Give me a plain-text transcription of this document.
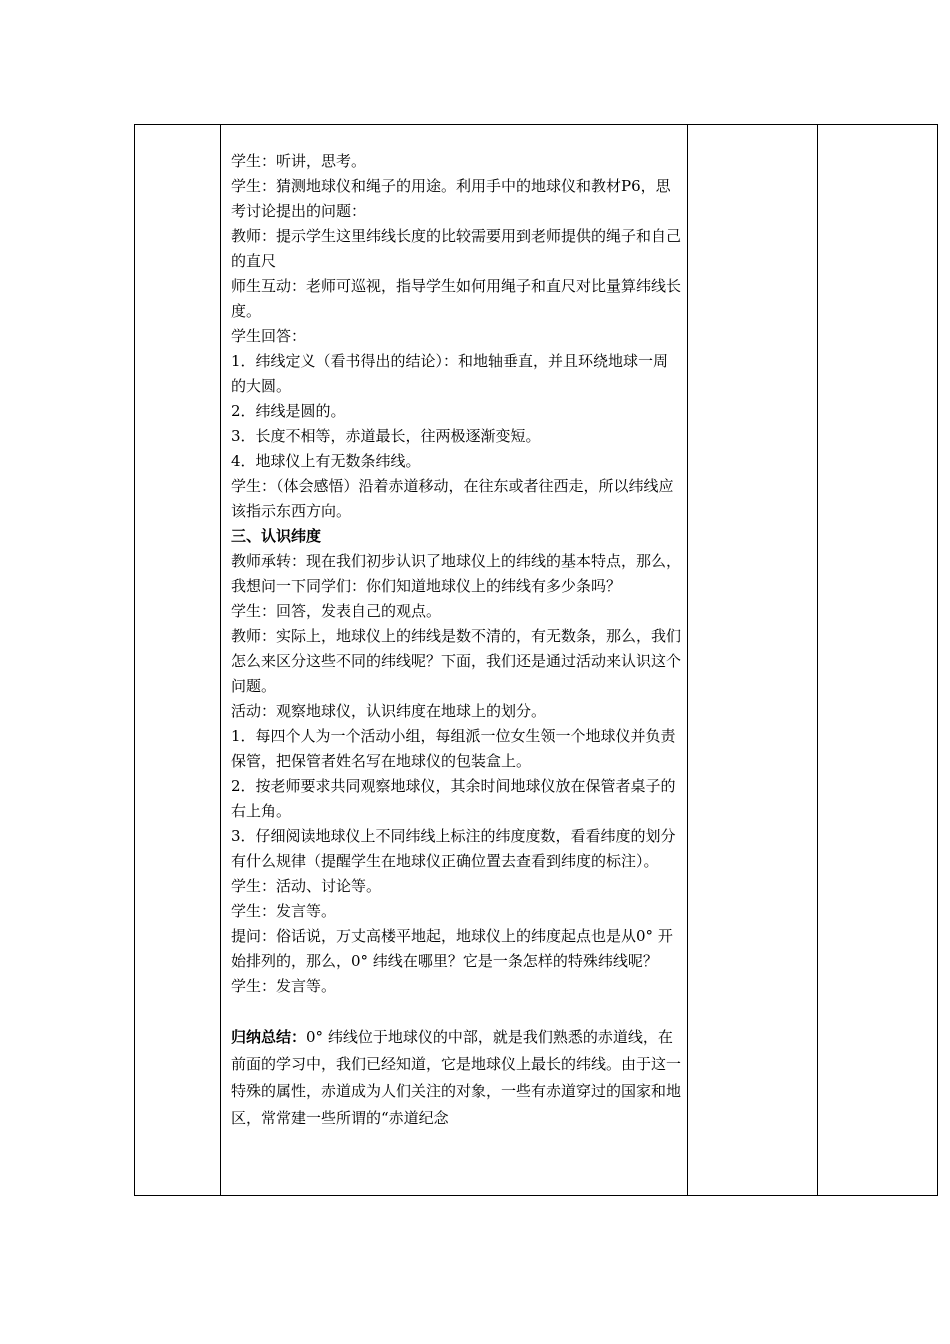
学生：听讲，思考。

学生：猜测地球仪和绳子的用途。利用手中的地球仪和教材P6，思考讨论提出的问题：

教师：提示学生这里纬线长度的比较需要用到老师提供的绳子和自己的直尺

师生互动：老师可巡视，指导学生如何用绳子和直尺对比量算纬线长度。

学生回答：

1．纬线定义（看书得出的结论）：和地轴垂直，并且环绕地球一周的大圆。

2．纬线是圆的。

3．长度不相等，赤道最长，往两极逐渐变短。

4．地球仪上有无数条纬线。

学生：（体会感悟）沿着赤道移动，在往东或者往西走，所以纬线应该指示东西方向。

三、认识纬度

教师承转：现在我们初步认识了地球仪上的纬线的基本特点，那么，我想问一下同学们：你们知道地球仪上的纬线有多少条吗？

学生：回答，发表自己的观点。

教师：实际上，地球仪上的纬线是数不清的，有无数条，那么，我们怎么来区分这些不同的纬线呢？下面，我们还是通过活动来认识这个问题。

活动：观察地球仪，认识纬度在地球上的划分。

1．每四个人为一个活动小组，每组派一位女生领一个地球仪并负责保管，把保管者姓名写在地球仪的包装盒上。

2．按老师要求共同观察地球仪，其余时间地球仪放在保管者桌子的右上角。

3．仔细阅读地球仪上不同纬线上标注的纬度度数，看看纬度的划分有什么规律（提醒学生在地球仪正确位置去查看到纬度的标注）。

学生：活动、讨论等。

学生：发言等。

提问：俗话说，万丈高楼平地起，地球仪上的纬度起点也是从0° 开始排列的，那么，0° 纬线在哪里？它是一条怎样的特殊纬线呢？

学生：发言等。

归纳总结：0° 纬线位于地球仪的中部，就是我们熟悉的赤道线，在前面的学习中，我们已经知道，它是地球仪上最长的纬线。由于这一特殊的属性，赤道成为人们关注的对象，一些有赤道穿过的国家和地区，常常建一些所谓的“赤道纪念
